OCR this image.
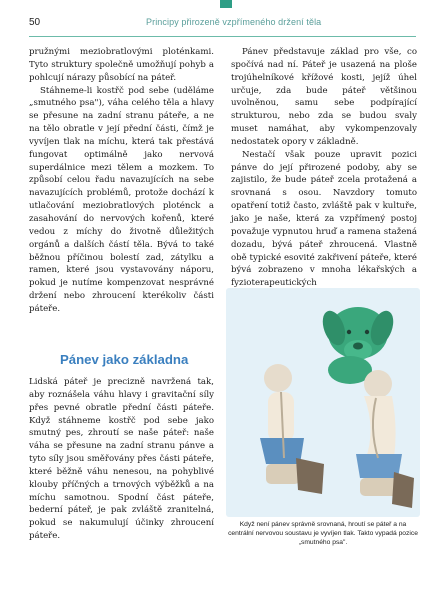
50	Principy přirozeně vzpřímeného držení těla

pružnými meziobratlovými ploténkami. Tyto struktury společně umožňují pohyb a pohlcují nárazy působící na páteř.

Stáhneme-li kostřč pod sebe (uděláme „smutného psa"), váha celého těla a hlavy se přesune na zadní stranu páteře, a ne na tělo obratle v její přední části, čímž je vyvíjen tlak na míchu, která tak přestává fungovat optimálně jako nervová superdálnice mezi tělem a mozkem. To způsobí celou řadu navazujících na sebe navazujících problémů, protože dochází k utlačování meziobratlových ploténck a zasahování do nervových kořenů, které vedou z míchy do životně důležitých orgánů a dalších částí těla. Bývá to také běžnou příčinou bolestí zad, zátylku a ramen, které jsou vystavovány náporu, pokud je nutíme kompenzovat nesprávné držení nebo zhroucení kterékoliv části páteře.

Pánev jako základna

Lidská páteř je precizně navržená tak, aby roznášela váhu hlavy i gravitační síly přes pevné obratle přední části páteře. Když stáhneme kostřč pod sebe jako smutný pes, zhroutí se naše páteř: naše váha se přesune na zadní stranu pánve a tyto síly jsou směřovány přes části páteře, které běžně váhu nenesou, na pohyblivé klouby příčných a trnových výběžků a na míchu samotnou. Spodní část páteře, bederní páteř, je pak zvláště zranitelná, pokud se nakumulují účinky zhroucení páteře.

Pánev představuje základ pro vše, co spočívá nad ní. Páteř je usazená na ploše trojúhelníkové křížové kosti, jejíž úhel určuje, zda bude páteř většinou uvolněnou, samu sebe podpírající strukturou, nebo zda se budou svaly muset namáhat, aby vykompenzovaly nedostatek opory v základně.

Nestačí však pouze upravit pozici pánve do její přirozené podoby, aby se zajistilo, že bude páteř zcela protažená a srovnaná s osou. Navzdory tomuto opatření totiž často, zvláště pak v kultuře, jako je naše, která za vzpřímený postoj považuje vypnutou hruď a ramena stažená dozadu, bývá páteř zhroucená. Vlastně obě typické esovité zakřivení páteře, které bývá zobrazeno v mnoha lékařských a fyzioterapeutických

Když není pánev správně srovnaná, hroutí se páteř a na centrální nervovou soustavu je vyvíjen tlak. Takto vypadá pozice „smutného psa".
